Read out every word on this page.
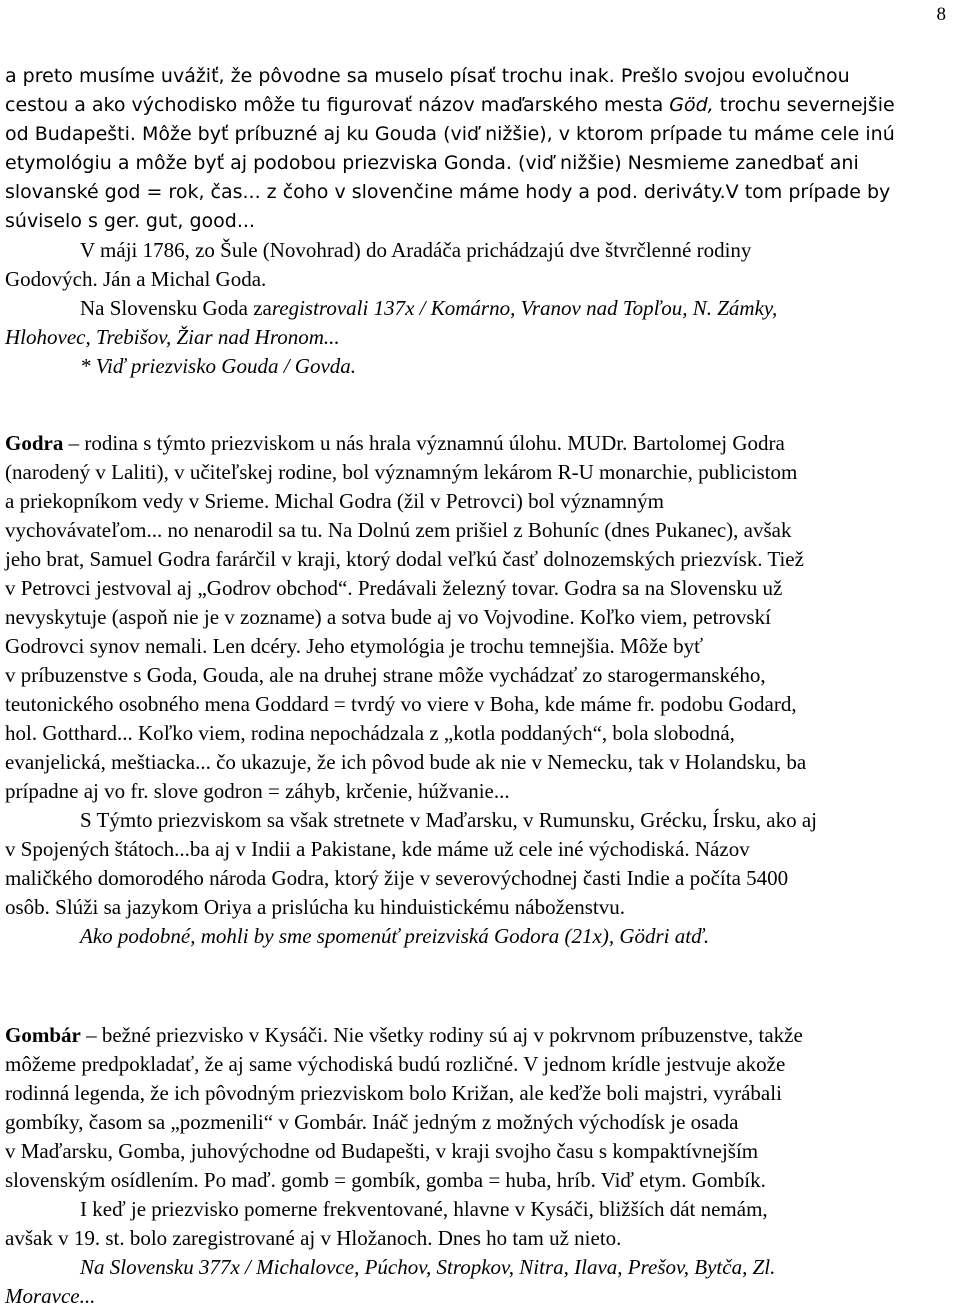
8
a preto musíme uvážiť, že pôvodne sa muselo písať trochu inak. Prešlo svojou evolučnou
cestou a ako východisko môže tu figurovať názov maďarského mesta Göd, trochu severnejšie
od Budapešti. Môže byť príbuzné aj ku Gouda (viď nižšie), v ktorom prípade tu máme cele inú
etymológiu a môže byť aj podobou priezviska Gonda. (viď nižšie) Nesmieme zanedbať ani
slovanské god = rok, čas... z čoho v slovenčine máme hody a pod. deriváty.V tom prípade by
súviselo s ger. gut, good...
V máji 1786, zo Šule (Novohrad) do Aradáča prichádzajú dve štvrčlenné rodiny
Godových. Ján a Michal Goda.
Na Slovensku Goda zaregistrovali 137x / Komárno, Vranov nad Topľou, N. Zámky,
Hlohovec, Trebišov, Žiar nad Hronom...
* Viď priezvisko Gouda / Govda.
Godra – rodina s týmto priezviskom u nás hrala významnú úlohu. MUDr. Bartolomej Godra
(narodený v Laliti), v učiteľskej rodine, bol významným lekárom R-U monarchie, publicistom
a priekopníkom vedy v Srieme. Michal Godra (žil v Petrovci) bol významným
vychovávateľom... no nenarodil sa tu. Na Dolnú zem prišiel z Bohuníc (dnes Pukanec), avšak
jeho brat, Samuel Godra farárčil v kraji, ktorý dodal veľkú časť dolnozemských priezvísk. Tiež
v Petrovci jestvoval aj „Godrov obchod“. Predávali železný tovar. Godra sa na Slovensku už
nevyskytuje (aspoň nie je v zozname) a sotva bude aj vo Vojvodine. Koľko viem, petrovskí
Godrovci synov nemali. Len dcéry. Jeho etymológia je trochu temnejšia. Môže byť
v príbuzenstve s Goda, Gouda, ale na druhej strane môže vychádzať zo starogermanského,
teutonického osobného mena Goddard = tvrdý vo viere v Boha, kde máme fr. podobu Godard,
hol. Gotthard... Koľko viem, rodina nepochádzala z „kotla poddaných“, bola slobodná,
evanjelická, meštiacka... čo ukazuje, že ich pôvod bude ak nie v Nemecku, tak v Holandsku, ba
prípadne aj vo fr. slove godron = záhyb, krčenie, húžvanie...
S Týmto priezviskom sa však stretnete v Maďarsku, v Rumunsku, Grécku, Írsku, ako aj
v Spojených štátoch...ba aj v Indii a Pakistane, kde máme už cele iné východiská. Názov
maličkého domorodého národa Godra, ktorý žije v severovýchodnej časti Indie a počíta 5400
osôb. Slúži sa jazykom Oriya a prislúcha ku hinduistickému náboženstvu.
Ako podobné, mohli by sme spomenúť preizviská Godora (21x), Gödri atď.
Gombár – bežné priezvisko v Kysáči. Nie všetky rodiny sú aj v pokrvnom príbuzenstve, takže
môžeme predpokladať, že aj same východiská budú rozličné. V jednom krídle jestvuje akože
rodinná legenda, že ich pôvodným priezviskom bolo Križan, ale keďže boli majstri, vyrábali
gombíky, časom sa „pozmenili“ v Gombár. Ináč jedným z možných východísk je osada
v Maďarsku, Gomba, juhovýchodne od Budapešti, v kraji svojho času s kompaktívnejším
slovenským osídlením. Po maď. gomb = gombík, gomba = huba, hríb. Viď etym. Gombík.
I keď je priezvisko pomerne frekventované, hlavne v Kysáči, bližších dát nemám,
avšak v 19. st. bolo zaregistrované aj v Hložanoch. Dnes ho tam už nieto.
Na Slovensku 377x / Michalovce, Púchov, Stropkov, Nitra, Ilava, Prešov, Bytča, Zl.
Moravce...
